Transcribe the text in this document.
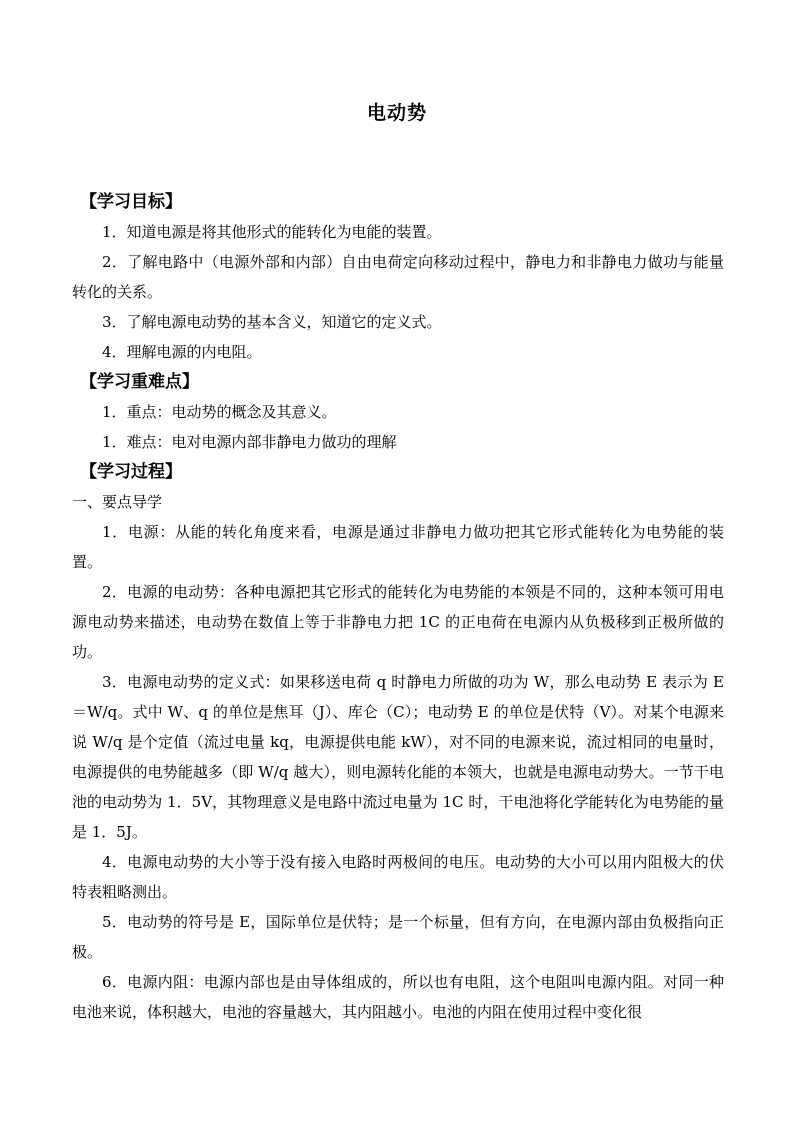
电动势

【学习目标】

1．知道电源是将其他形式的能转化为电能的装置。

2．了解电路中（电源外部和内部）自由电荷定向移动过程中，静电力和非静电力做功与能量转化的关系。

3．了解电源电动势的基本含义，知道它的定义式。

4．理解电源的内电阻。

【学习重难点】

1．重点：电动势的概念及其意义。

1．难点：电对电源内部非静电力做功的理解

【学习过程】

一、要点导学

1．电源：从能的转化角度来看，电源是通过非静电力做功把其它形式能转化为电势能的装置。

2．电源的电动势：各种电源把其它形式的能转化为电势能的本领是不同的，这种本领可用电源电动势来描述，电动势在数值上等于非静电力把 1C 的正电荷在电源内从负极移到正极所做的功。

3．电源电动势的定义式：如果移送电荷 q 时静电力所做的功为 W，那么电动势 E 表示为 E＝W/q。式中 W、q 的单位是焦耳（J）、库仑（C）；电动势 E 的单位是伏特（V）。对某个电源来说 W/q 是个定值（流过电量 kq，电源提供电能 kW），对不同的电源来说，流过相同的电量时，电源提供的电势能越多（即 W/q 越大），则电源转化能的本领大，也就是电源电动势大。一节干电池的电动势为 1．5V，其物理意义是电路中流过电量为 1C 时，干电池将化学能转化为电势能的量是 1．5J。

4．电源电动势的大小等于没有接入电路时两极间的电压。电动势的大小可以用内阻极大的伏特表粗略测出。

5．电动势的符号是 E，国际单位是伏特；是一个标量，但有方向，在电源内部由负极指向正极。

6．电源内阻：电源内部也是由导体组成的，所以也有电阻，这个电阻叫电源内阻。对同一种电池来说，体积越大，电池的容量越大，其内阻越小。电池的内阻在使用过程中变化很
